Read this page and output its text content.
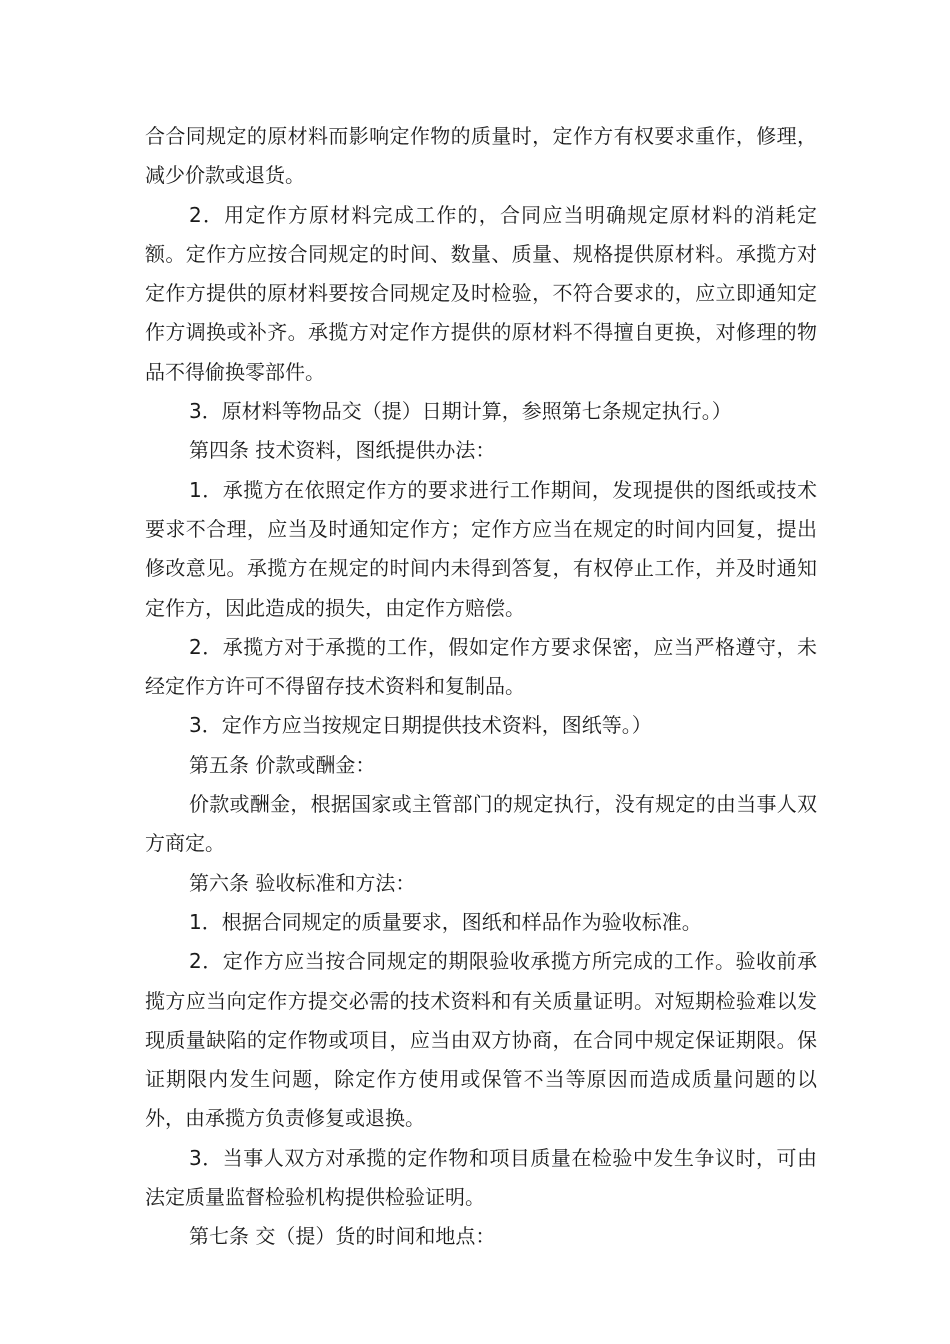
合合同规定的原材料而影响定作物的质量时，定作方有权要求重作，修理，减少价款或退货。

2．用定作方原材料完成工作的，合同应当明确规定原材料的消耗定额。定作方应按合同规定的时间、数量、质量、规格提供原材料。承揽方对定作方提供的原材料要按合同规定及时检验，不符合要求的，应立即通知定作方调换或补齐。承揽方对定作方提供的原材料不得擅自更换，对修理的物品不得偷换零部件。

3．原材料等物品交（提）日期计算，参照第七条规定执行。）

第四条 技术资料，图纸提供办法：

1．承揽方在依照定作方的要求进行工作期间，发现提供的图纸或技术要求不合理，应当及时通知定作方；定作方应当在规定的时间内回复，提出修改意见。承揽方在规定的时间内未得到答复，有权停止工作，并及时通知定作方，因此造成的损失，由定作方赔偿。

2．承揽方对于承揽的工作，假如定作方要求保密，应当严格遵守，未经定作方许可不得留存技术资料和复制品。

3．定作方应当按规定日期提供技术资料，图纸等。）

第五条 价款或酬金：

价款或酬金，根据国家或主管部门的规定执行，没有规定的由当事人双方商定。

第六条 验收标准和方法：

1．根据合同规定的质量要求，图纸和样品作为验收标准。

2．定作方应当按合同规定的期限验收承揽方所完成的工作。验收前承揽方应当向定作方提交必需的技术资料和有关质量证明。对短期检验难以发现质量缺陷的定作物或项目，应当由双方协商，在合同中规定保证期限。保证期限内发生问题，除定作方使用或保管不当等原因而造成质量问题的以外，由承揽方负责修复或退换。

3．当事人双方对承揽的定作物和项目质量在检验中发生争议时，可由法定质量监督检验机构提供检验证明。

第七条 交（提）货的时间和地点：
